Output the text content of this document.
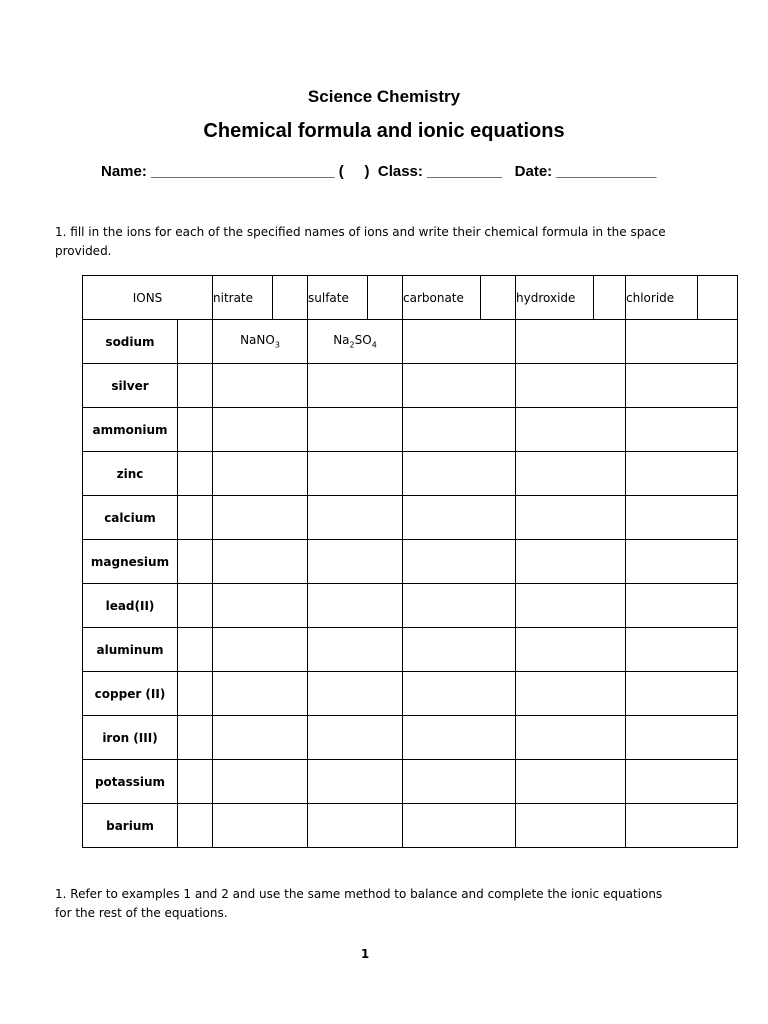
Science Chemistry
Chemical formula and ionic equations
Name: ______________________ (     )  Class: _________   Date: ____________
1. fill in the ions for each of the specified names of ions and write their chemical formula in the space provided.
IONS		nitrate		sulfate		carbonate		hydroxide		chloride	
sodium		NaNO$_3$		$Na_2SO_4$			
silver											
ammonium											
zinc											
calcium											
magnesium											
lead(II)											
aluminum											
copper (II)											
iron (III)											
potassium											
barium											
1. Refer to examples 1 and 2 and use the same method to balance and complete the ionic equations for the rest of the equations.
1
